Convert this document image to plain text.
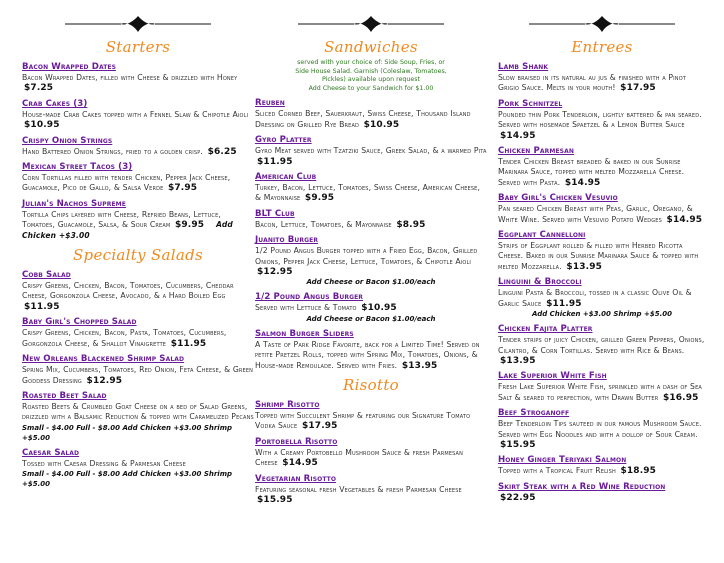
Starters
Bacon Wrapped Dates
Bacon Wrapped Dates, filled with Cheese & drizzled with Honey $7.25
Crab Cakes (3)
House-made Crab Cakes topped with a Fennel Slaw & Chipotle Aioli $10.95
Crispy Onion Strings
Hand Battered Onion Strings, fried to a golden crisp. $6.25
Mexican Street Tacos (3)
Corn Tortillas filled with tender Chicken, Pepper Jack Cheese, Guacamole, Pico de Gallo, & Salsa Verde $7.95
Julian's Nachos Supreme
Tortilla Chips layered with Cheese, Refried Beans, Lettuce, Tomatoes, Guacamole, Salsa, & Sour Cream $9.95 Add Chicken +$3.00
Specialty Salads
Cobb Salad
Crispy Greens, Chicken, Bacon, Tomatoes, Cucumbers, Cheddar Cheese, Gorgonzola Cheese, Avocado, & a Hard Boiled Egg $11.95
Baby Girl's Chopped Salad
Crispy Greens, Chicken, Bacon, Pasta, Tomatoes, Cucumbers, Gorgonzola Cheese, & Shallot Vinaigrette $11.95
New Orleans Blackened Shrimp Salad
Spring Mix, Cucumbers, Tomatoes, Red Onion, Feta Cheese, & Green Goddess Dressing $12.95
Roasted Beet Salad
Roasted Beets & Crumbled Goat Cheese on a bed of Salad Greens, drizzled with a Balsamic Reduction & topped with Caramelized Pecans
Small - $4.00 Full - $8.00 Add Chicken +$3.00 Shrimp +$5.00
Caesar Salad
Tossed with Caesar Dressing & Parmesan Cheese
Small - $4.00 Full - $8.00 Add Chicken +$3.00 Shrimp +$5.00
Sandwiches
served with your choice of: Side Soup, Fries, or
Side House Salad. Garnish (Coleslaw, Tomatoes,
Pickles) available upon request
Add Cheese to your Sandwich for $1.00
Reuben
Sliced Corned Beef, Sauerkraut, Swiss Cheese, Thousand Island Dressing on Grilled Rye Bread $10.95
Gyro Platter
Gyro Meat served with Tzatziki Sauce, Greek Salad, & a warmed Pita $11.95
American Club
Turkey, Bacon, Lettuce, Tomatoes, Swiss Cheese, American Cheese, & Mayonnaise $9.95
BLT Club
Bacon, Lettuce, Tomatoes, & Mayonnaise $8.95
Juanito Burger
1/2 Pound Angus Burger topped with a Fried Egg, Bacon, Grilled Onions, Pepper Jack Cheese, Lettuce, Tomatoes, & Chipotle Aioli $12.95
Add Cheese or Bacon $1.00/each
1/2 Pound Angus Burger
Served with Lettuce & Tomato $10.95
Add Cheese or Bacon $1.00/each
Salmon Burger Sliders
A Taste of Park Ridge Favorite, back for a Limited Time! Served on petite Pretzel Rolls, topped with Spring Mix, Tomatoes, Onions, & House-made Remoulade. Served with Fries. $13.95
Risotto
Shrimp Risotto
Topped with Succulent Shrimp & featuring our Signature Tomato Vodka Sauce $17.95
Portobella Risotto
With a Creamy Portobello Mushroom Sauce & fresh Parmesan Cheese $14.95
Vegetarian Risotto
Featuring seasonal fresh Vegetables & fresh Parmesan Cheese $15.95
Entrees
Lamb Shank
Slow braised in its natural au jus & finished with a Pinot Grigio Sauce. Melts in your mouth! $17.95
Pork Schnitzel
Pounded thin Pork Tenderloin, lightly battered & pan seared. Served with hosemade Spaetzel & a Lemon Butter Sauce $14.95
Chicken Parmesan
Tender Chicken Breast breaded & baked in our Sunrise Marinara Sauce, topped with melted Mozzarella Cheese. Served with Pasta. $14.95
Baby Girl's Chicken Vesuvio
Pan seared Chicken Breast with Peas, Garlic, Oregano, & White Wine. Served with Vesuvio Potato Wedges $14.95
Eggplant Cannelloni
Strips of Eggplant rolled & filled with Herbed Ricotta Cheese. Baked in our Sunrise Marinara Sauce & topped with melted Mozzarella. $13.95
Linguini & Broccoli
Linguini Pasta & Broccoli, tossed in a classic Olive Oil & Garlic Sauce $11.95
Add Chicken +$3.00 Shrimp +$5.00
Chicken Fajita Platter
Tender strips of juicy Chicken, grilled Green Peppers, Onions, Cilantro, & Corn Tortillas. Served with Rice & Beans. $13.95
Lake Superior White Fish
Fresh Lake Superior White Fish, sprinkled with a dash of Sea Salt & seared to perfection, with Drawn Butter $16.95
Beef Stroganoff
Beef Tenderloin Tips sauteed in our famous Mushroom Sauce. Served with Egg Noodles and with a dollop of Sour Cream. $15.95
Honey Ginger Teriyaki Salmon
Topped with a Tropical Fruit Relish $18.95
Skirt Steak with a Red Wine Reduction
$22.95
